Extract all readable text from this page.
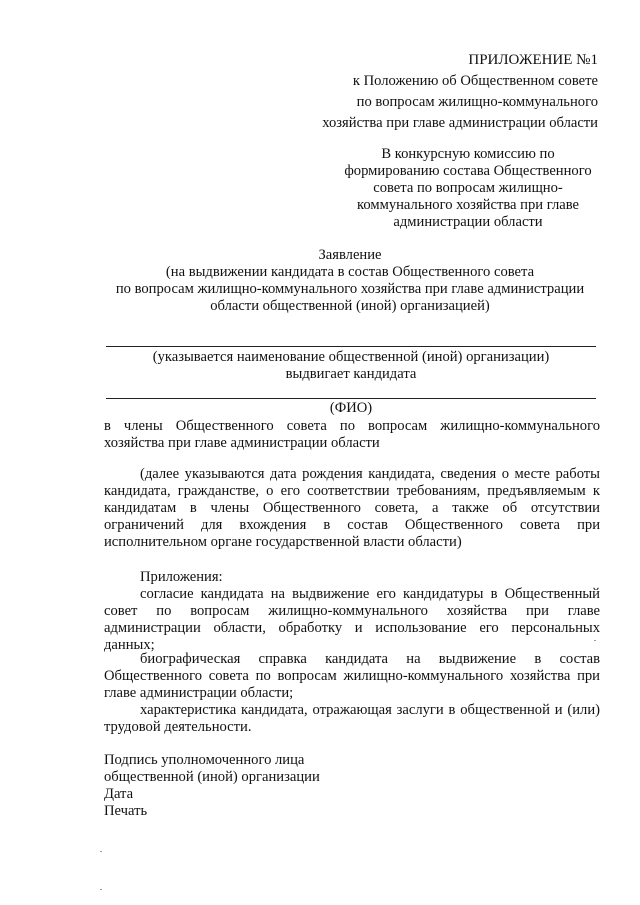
ПРИЛОЖЕНИЕ №1
к Положению об Общественном совете
по вопросам жилищно-коммунального
хозяйства при главе администрации области
В конкурсную комиссию по
формированию состава Общественного
совета по вопросам жилищно-
коммунального хозяйства при главе
администрации области
Заявление
(на выдвижении кандидата в состав Общественного совета
по вопросам жилищно-коммунального хозяйства при главе администрации
области общественной (иной) организацией)
(указывается наименование общественной (иной) организации)
выдвигает кандидата
(ФИО)
в члены Общественного совета по вопросам жилищно-коммунального хозяйства при главе администрации области
(далее указываются дата рождения кандидата, сведения о месте работы кандидата, гражданстве, о его соответствии требованиям, предъявляемым к кандидатам в члены Общественного совета, а также об отсутствии ограничений для вхождения в состав Общественного совета при исполнительном органе государственной власти области)
Приложения:
согласие кандидата на выдвижение его кандидатуры в Общественный совет по вопросам жилищно-коммунального хозяйства при главе администрации области, обработку и использование его персональных данных;
биографическая справка кандидата на выдвижение в состав Общественного совета по вопросам жилищно-коммунального хозяйства при главе администрации области;
характеристика кандидата, отражающая заслуги в общественной и (или) трудовой деятельности.
Подпись уполномоченного лица
общественной (иной) организации
Дата
Печать
